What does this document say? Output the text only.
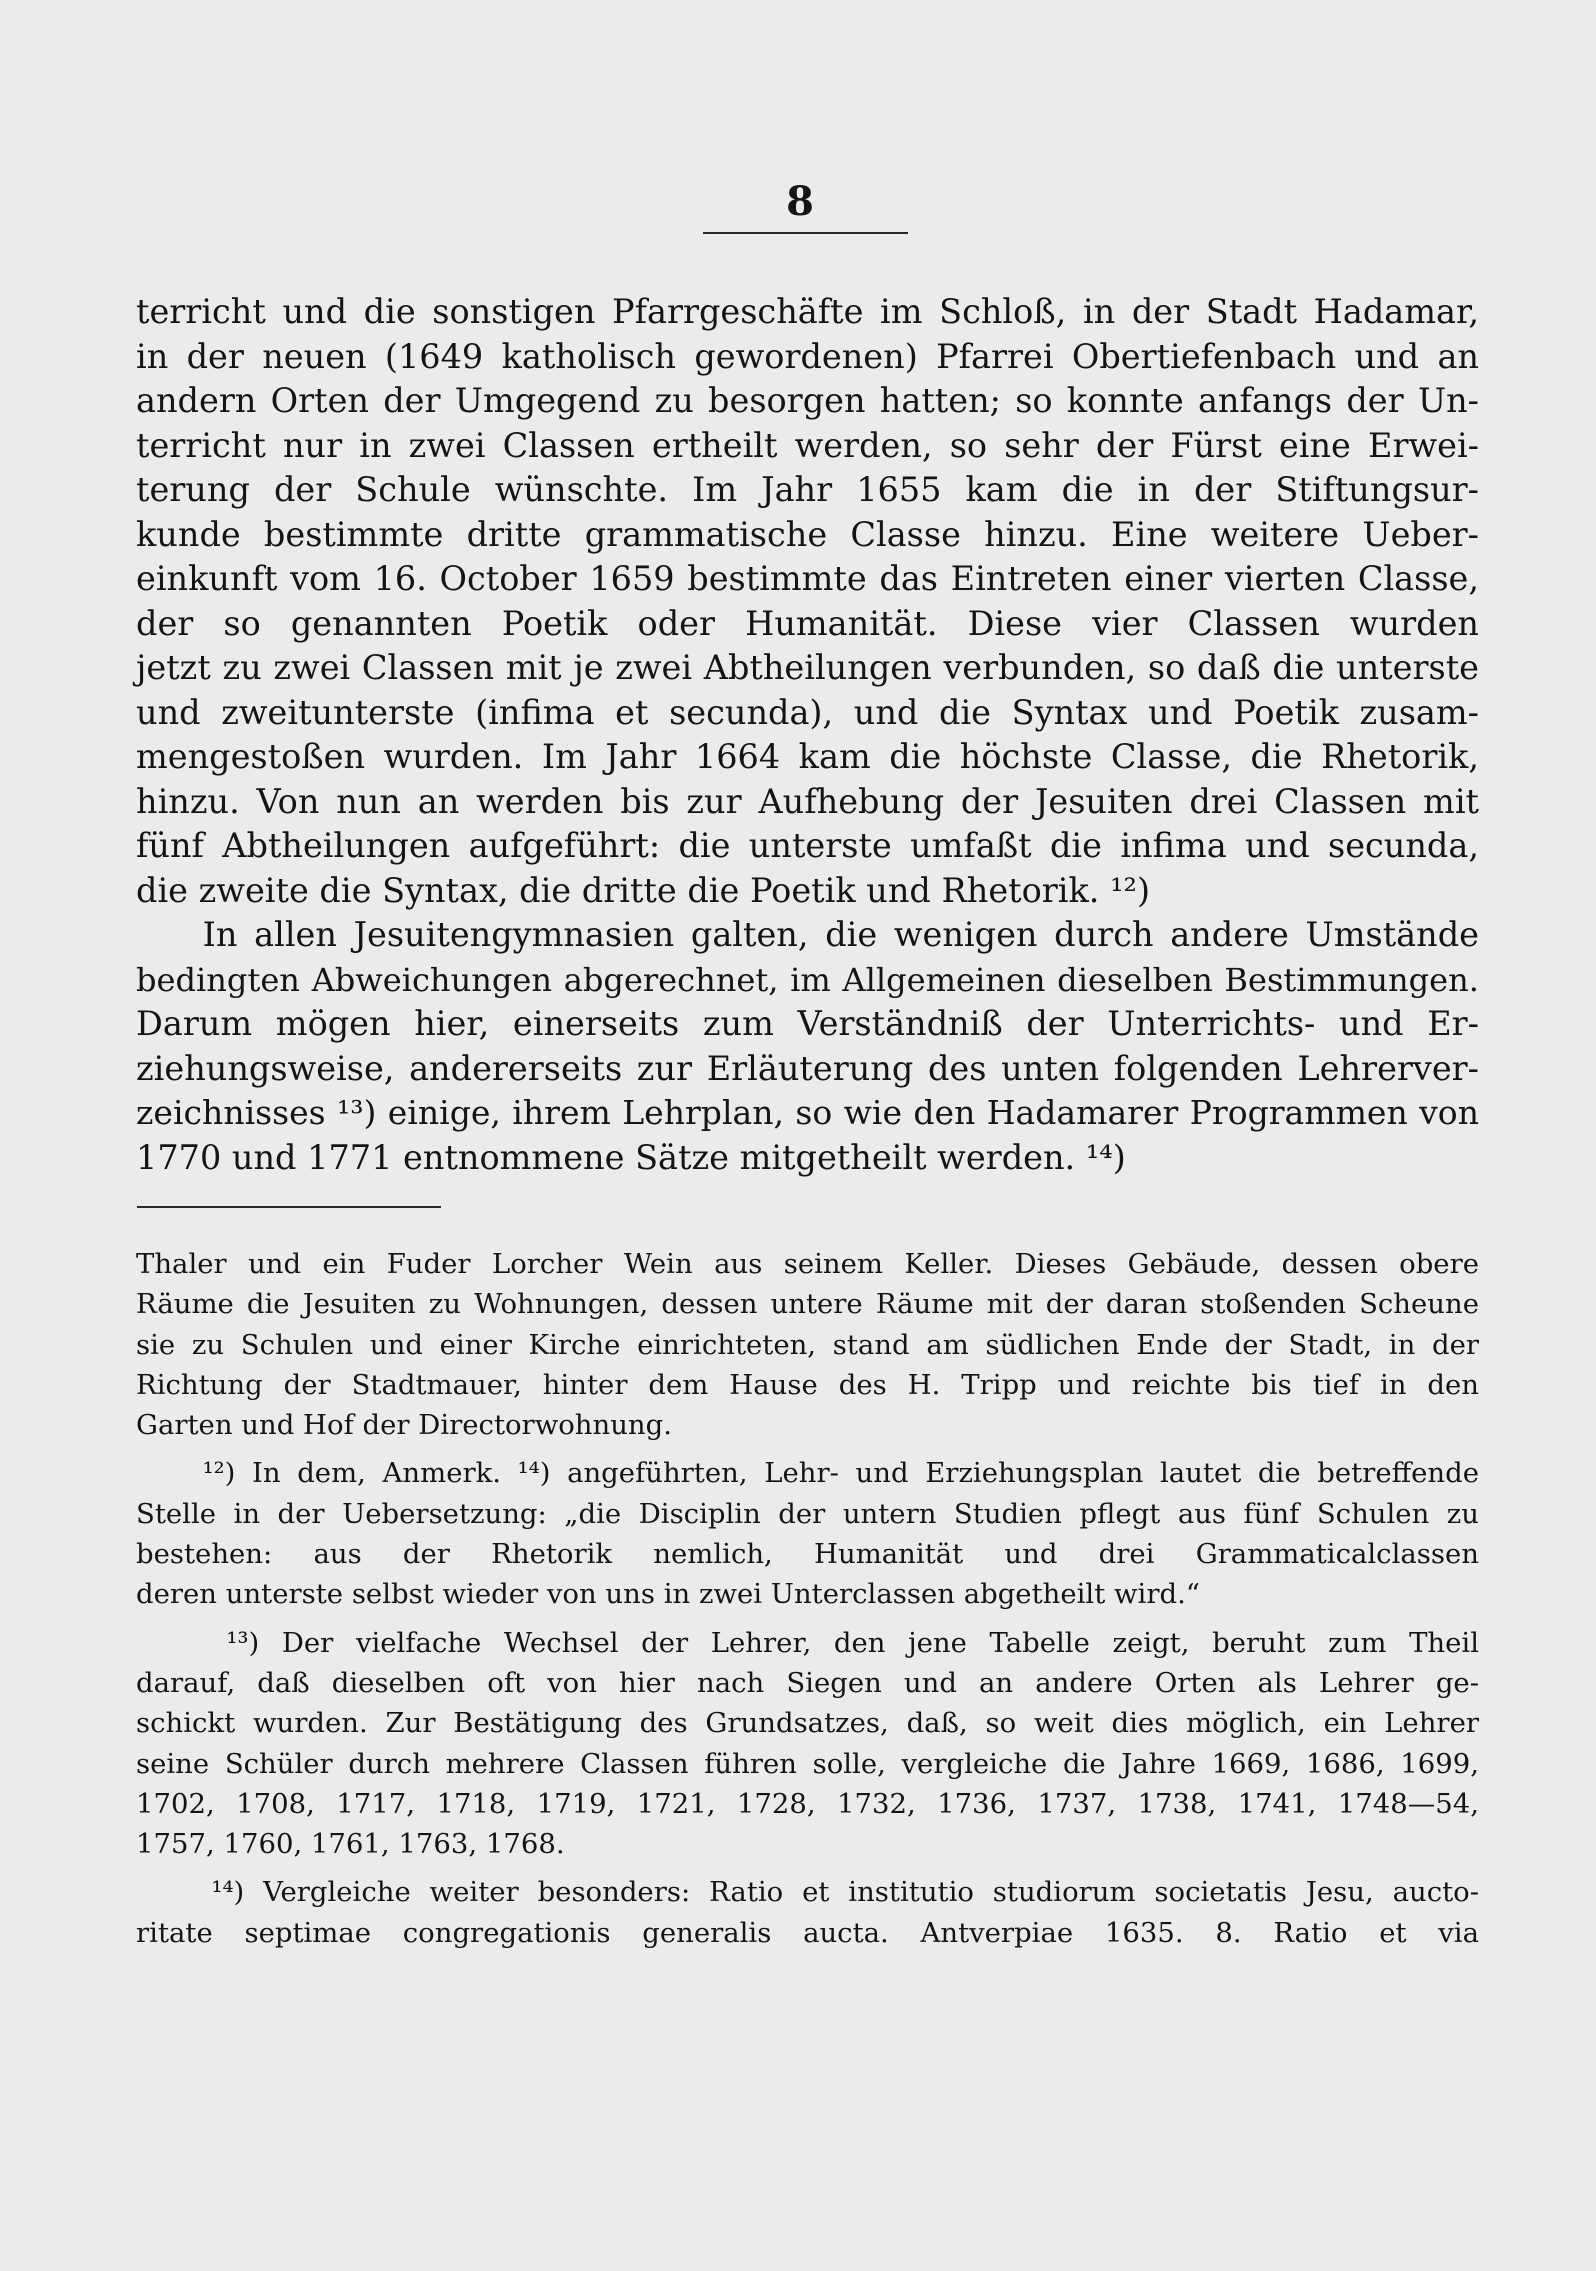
8
terricht und die sonstigen Pfarrgeschäfte im Schloß, in der Stadt Hadamar,
in der neuen (1649 katholisch gewordenen) Pfarrei Obertiefenbach und an
andern Orten der Umgegend zu besorgen hatten; so konnte anfangs der Un-
terricht nur in zwei Classen ertheilt werden, so sehr der Fürst eine Erwei-
terung der Schule wünschte. Im Jahr 1655 kam die in der Stiftungsur-
kunde bestimmte dritte grammatische Classe hinzu. Eine weitere Ueber-
einkunft vom 16. October 1659 bestimmte das Eintreten einer vierten Classe,
der so genannten Poetik oder Humanität. Diese vier Classen wurden
jetzt zu zwei Classen mit je zwei Abtheilungen verbunden, so daß die unterste
und zweitunterste (infima et secunda), und die Syntax und Poetik zusam-
mengestoßen wurden. Im Jahr 1664 kam die höchste Classe, die Rhetorik,
hinzu. Von nun an werden bis zur Aufhebung der Jesuiten drei Classen mit
fünf Abtheilungen aufgeführt: die unterste umfaßt die infima und secunda,
die zweite die Syntax, die dritte die Poetik und Rhetorik. ¹²)
In allen Jesuitengymnasien galten, die wenigen durch andere Umstände
bedingten Abweichungen abgerechnet, im Allgemeinen dieselben Bestimmungen.
Darum mögen hier, einerseits zum Verständniß der Unterrichts- und Er-
ziehungsweise, andererseits zur Erläuterung des unten folgenden Lehrerver-
zeichnisses ¹³) einige, ihrem Lehrplan, so wie den Hadamarer Programmen von
1770 und 1771 entnommene Sätze mitgetheilt werden. ¹⁴)
Thaler und ein Fuder Lorcher Wein aus seinem Keller. Dieses Gebäude, dessen obere
Räume die Jesuiten zu Wohnungen, dessen untere Räume mit der daran stoßenden Scheune
sie zu Schulen und einer Kirche einrichteten, stand am südlichen Ende der Stadt, in der
Richtung der Stadtmauer, hinter dem Hause des H. Tripp und reichte bis tief in den
Garten und Hof der Directorwohnung.
¹²) In dem, Anmerk. ¹⁴) angeführten, Lehr- und Erziehungsplan lautet die betreffende
Stelle in der Uebersetzung: „die Disciplin der untern Studien pflegt aus fünf Schulen zu
bestehen: aus der Rhetorik nemlich, Humanität und drei Grammaticalclassen
deren unterste selbst wieder von uns in zwei Unterclassen abgetheilt wird.“
¹³) Der vielfache Wechsel der Lehrer, den jene Tabelle zeigt, beruht zum Theil
darauf, daß dieselben oft von hier nach Siegen und an andere Orten als Lehrer ge-
schickt wurden. Zur Bestätigung des Grundsatzes, daß, so weit dies möglich, ein Lehrer
seine Schüler durch mehrere Classen führen solle, vergleiche die Jahre 1669, 1686, 1699,
1702, 1708, 1717, 1718, 1719, 1721, 1728, 1732, 1736, 1737, 1738, 1741, 1748—54,
1757, 1760, 1761, 1763, 1768.
¹⁴) Vergleiche weiter besonders: Ratio et institutio studiorum societatis Jesu, aucto-
ritate septimae congregationis generalis aucta. Antverpiae 1635. 8. Ratio et via
